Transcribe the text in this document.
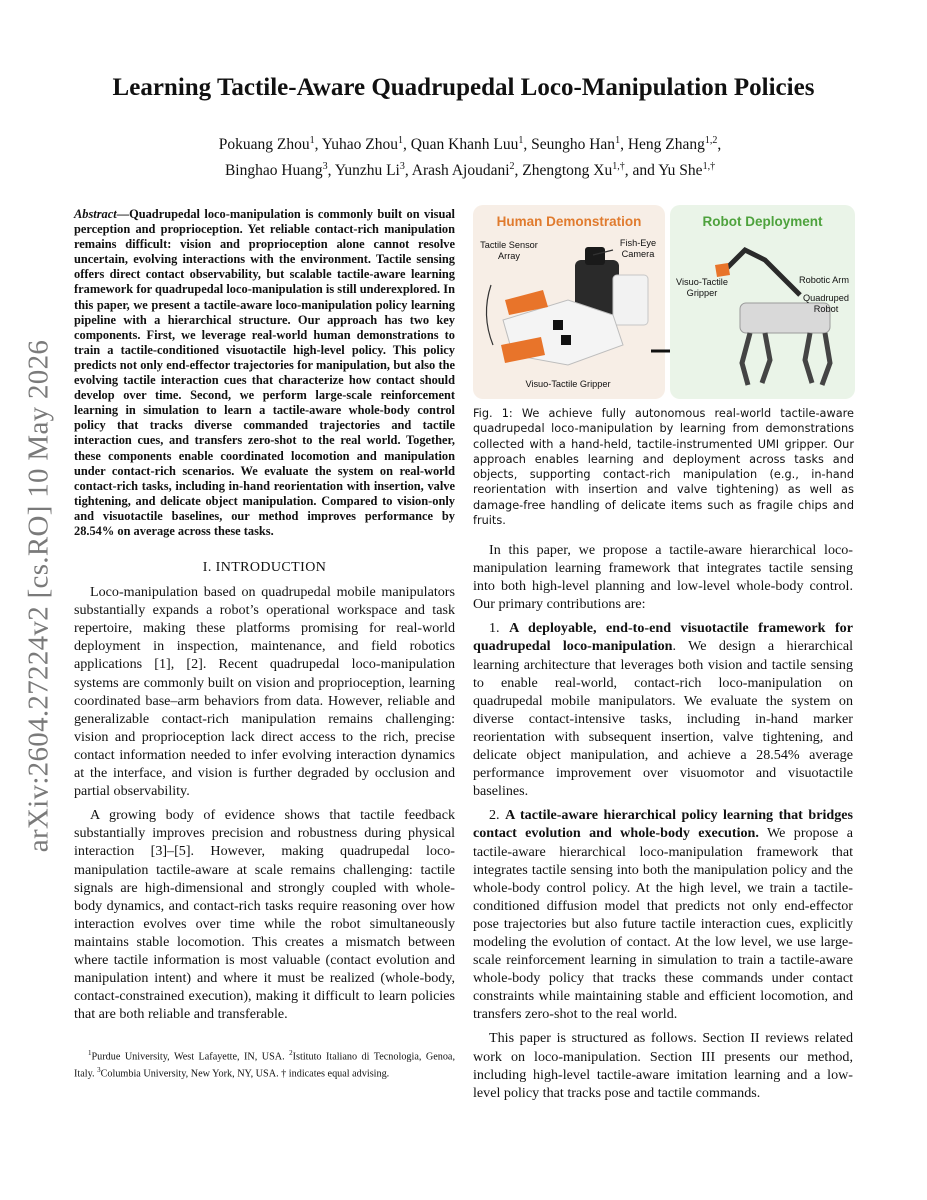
arXiv:2604.27224v2 [cs.RO] 10 May 2026
Learning Tactile-Aware Quadrupedal Loco-Manipulation Policies
Pokuang Zhou$^1$, Yuhao Zhou$^1$, Quan Khanh Luu$^1$, Seungho Han$^1$, Heng Zhang$^{1,2}$,
Binghao Huang$^3$, Yunzhu Li$^3$, Arash Ajoudani$^2$, Zhengtong $Xu^{1,\dagger}$, and Yu She$^{1,\dagger}$
Abstract—Quadrupedal loco-manipulation is commonly built on visual perception and proprioception. Yet reliable contact-rich manipulation remains difficult: vision and proprioception alone cannot resolve uncertain, evolving interactions with the environment. Tactile sensing offers direct contact observability, but scalable tactile-aware learning framework for quadrupedal loco-manipulation is still underexplored. In this paper, we present a tactile-aware loco-manipulation policy learning pipeline with a hierarchical structure. Our approach has two key components. First, we leverage real-world human demonstrations to train a tactile-conditioned visuotactile high-level policy. This policy predicts not only end-effector trajectories for manipulation, but also the evolving tactile interaction cues that characterize how contact should develop over time. Second, we perform large-scale reinforcement learning in simulation to learn a tactile-aware whole-body control policy that tracks diverse commanded trajectories and tactile interaction cues, and transfers zero-shot to the real world. Together, these components enable coordinated locomotion and manipulation under contact-rich scenarios. We evaluate the system on real-world contact-rich tasks, including in-hand reorientation with insertion, valve tightening, and delicate object manipulation. Compared to vision-only and visuotactile baselines, our method improves performance by 28.54% on average across these tasks.
I. INTRODUCTION

Loco-manipulation based on quadrupedal mobile manipulators substantially expands a robot’s operational workspace and task repertoire, making these platforms promising for real-world deployment in inspection, maintenance, and field robotics applications [1], [2]. Recent quadrupedal loco-manipulation systems are commonly built on vision and proprioception, learning coordinated base–arm behaviors from data. However, reliable and generalizable contact-rich manipulation remains challenging: vision and proprioception lack direct access to the rich, precise contact information needed to infer evolving interaction dynamics at the interface, and vision is further degraded by occlusion and partial observability.

A growing body of evidence shows that tactile feedback substantially improves precision and robustness during physical interaction [3]–[5]. However, making quadrupedal loco-manipulation tactile-aware at scale remains challenging: tactile signals are high-dimensional and strongly coupled with whole-body dynamics, and contact-rich tasks require reasoning over how interaction evolves over time while the robot simultaneously maintains stable locomotion. This creates a mismatch between where tactile information is most valuable (contact evolution and manipulation intent) and where it must be realized (whole-body, contact-constrained execution), making it difficult to learn policies that are both reliable and transferable.

$^1$Purdue University, West Lafayette, IN, USA. $^2$Istituto Italiano di Tecnologia, Genoa, Italy. $^3$Columbia University, New York, NY, USA. † indicates equal advising.
Human Demonstration
Tactile Sensor Array
Fish-Eye Camera
Visuo-Tactile Gripper
Robot Deployment
Visuo-Tactile Gripper
Robotic Arm
Quadruped Robot
Fig. 1: We achieve fully autonomous real-world tactile-aware quadrupedal loco-manipulation by learning from demonstrations collected with a hand-held, tactile-instrumented UMI gripper. Our approach enables learning and deployment across tasks and objects, supporting contact-rich manipulation (e.g., in-hand reorientation with insertion and valve tightening) as well as damage-free handling of delicate items such as fragile chips and fruits.

In this paper, we propose a tactile-aware hierarchical loco-manipulation learning framework that integrates tactile sensing into both high-level planning and low-level whole-body control. Our primary contributions are:

1. A deployable, end-to-end visuotactile framework for quadrupedal loco-manipulation. We design a hierarchical learning architecture that leverages both vision and tactile sensing to enable real-world, contact-rich loco-manipulation on quadrupedal mobile manipulators. We evaluate the system on diverse contact-intensive tasks, including in-hand marker reorientation with subsequent insertion, valve tightening, and delicate object manipulation, and achieve a 28.54% average performance improvement over visuomotor and visuotactile baselines.

2. A tactile-aware hierarchical policy learning that bridges contact evolution and whole-body execution. We propose a tactile-aware hierarchical loco-manipulation framework that integrates tactile sensing into both the manipulation policy and the whole-body control policy. At the high level, we train a tactile-conditioned diffusion model that predicts not only end-effector pose trajectories but also future tactile interaction cues, explicitly modeling the evolution of contact. At the low level, we use large-scale reinforcement learning in simulation to train a tactile-aware whole-body policy that tracks these commands under contact constraints while maintaining stable and efficient locomotion, and transfers zero-shot to the real world.

This paper is structured as follows. Section II reviews related work on loco-manipulation. Section III presents our method, including high-level tactile-aware imitation learning and a low-level policy that tracks pose and tactile commands.
